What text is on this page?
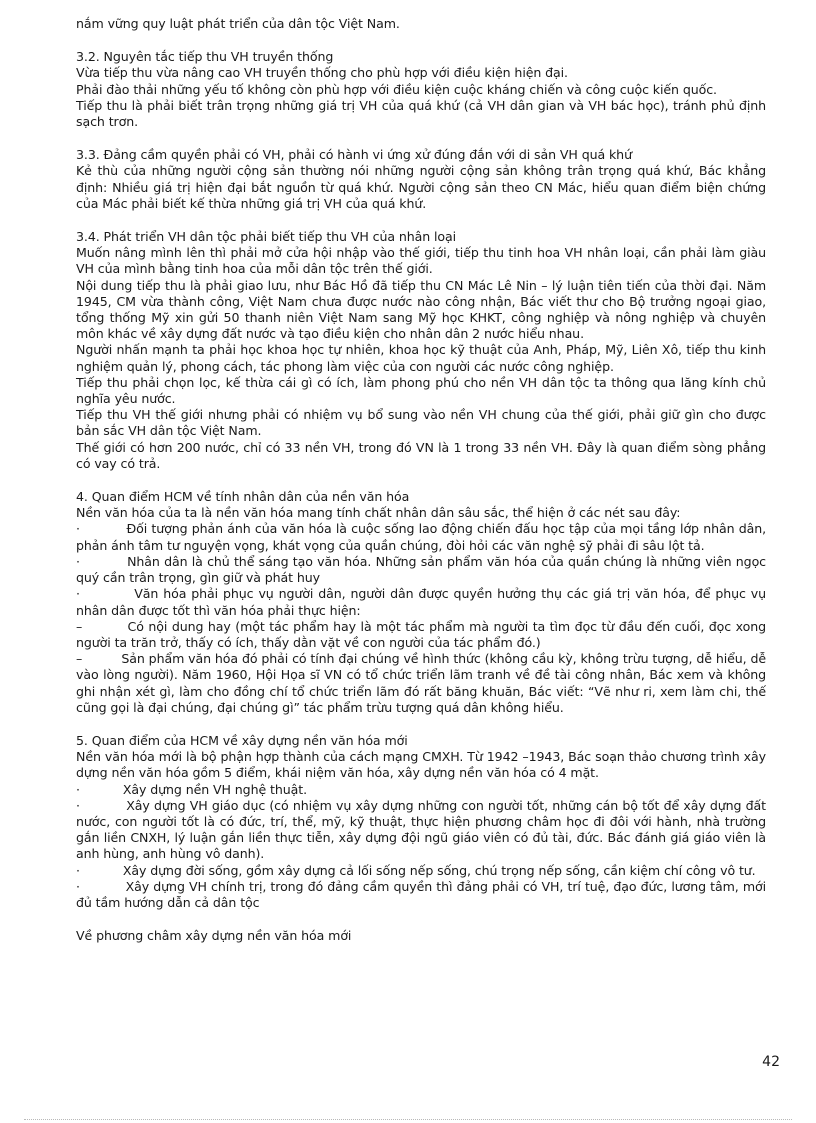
nắm vững quy luật phát triển của dân tộc Việt Nam.

3.2. Nguyên tắc tiếp thu VH truyền thống

Vừa tiếp thu vừa nâng cao VH truyền thống cho phù hợp với điều kiện hiện đại.

Phải đào thải những yếu tố không còn phù hợp với điều kiện cuộc kháng chiến và công cuộc kiến quốc.

Tiếp thu là phải biết trân trọng những giá trị VH của quá khứ (cả VH dân gian và VH bác học), tránh phủ định sạch trơn.

3.3. Đảng cầm quyền phải có VH, phải có hành vi ứng xử đúng đắn với di sản VH quá khứ

Kẻ thù của những người cộng sản thường nói những người cộng sản không trân trọng quá khứ, Bác khẳng định: Nhiều giá trị hiện đại bắt nguồn từ quá khứ. Người cộng sản theo CN Mác, hiểu quan điểm biện chứng của Mác phải biết kế thừa những giá trị VH của quá khứ.

3.4. Phát triển VH dân tộc phải biết tiếp thu VH của nhân loại

Muốn nâng mình lên thì phải mở cửa hội nhập vào thế giới, tiếp thu tinh hoa VH nhân loại, cần phải làm giàu VH của mình bằng tinh hoa của mỗi dân tộc trên thế giới.

Nội dung tiếp thu là phải giao lưu, như Bác Hồ đã tiếp thu CN Mác Lê Nin – lý luận tiên tiến của thời đại. Năm 1945, CM vừa thành công, Việt Nam chưa được nước nào công nhận, Bác viết thư cho Bộ trưởng ngoại giao, tổng thống Mỹ xin gửi 50 thanh niên Việt Nam sang Mỹ học KHKT, công nghiệp và nông nghiệp và chuyên môn khác về xây dựng đất nước và tạo điều kiện cho nhân dân 2 nước hiểu nhau.

Người nhấn mạnh ta phải học khoa học tự nhiên, khoa học kỹ thuật của Anh, Pháp, Mỹ, Liên Xô, tiếp thu kinh nghiệm quản lý, phong cách, tác phong làm việc của con người các nước công nghiệp.

Tiếp thu phải chọn lọc, kế thừa cái gì có ích, làm phong phú cho nền VH dân tộc ta thông qua lăng kính chủ nghĩa yêu nước.

Tiếp thu VH thế giới nhưng phải có nhiệm vụ bổ sung vào nền VH chung của thế giới, phải giữ gìn cho được bản sắc VH dân tộc Việt Nam.

Thế giới có hơn 200 nước, chỉ có 33 nền VH, trong đó VN là 1 trong 33 nền VH. Đây là quan điểm sòng phẳng có vay có trả.

4. Quan điểm HCM về tính nhân dân của nền văn hóa

Nền văn hóa của ta là nền văn hóa mang tính chất nhân dân sâu sắc, thể hiện ở các nét sau đây:

·           Đối tượng phản ánh của văn hóa là cuộc sống lao động chiến đấu học tập của mọi tầng lớp nhân dân, phản ánh tâm tư nguyện vọng, khát vọng của quần chúng, đòi hỏi các văn nghệ sỹ phải đi sâu lột tả.

·           Nhân dân là chủ thể sáng tạo văn hóa. Những sản phẩm văn hóa của quần chúng là những viên ngọc quý cần trân trọng, gìn giữ và phát huy

·           Văn hóa phải phục vụ người dân, người dân được quyền hưởng thụ các giá trị văn hóa, để phục vụ nhân dân được tốt thì văn hóa phải thực hiện:

–          Có nội dung hay (một tác phẩm hay là một tác phẩm mà người ta tìm đọc từ đầu đến cuối, đọc xong người ta trăn trở, thấy có ích, thấy dằn vặt về con người của tác phẩm đó.)

–          Sản phẩm văn hóa đó phải có tính đại chúng về hình thức (không cầu kỳ, không trừu tượng, dễ hiểu, dễ vào lòng người). Năm 1960, Hội Họa sĩ VN có tổ chức triển lãm tranh về đề tài công nhân, Bác xem và không ghi nhận xét gì, làm cho đồng chí tổ chức triển lãm đó rất băng khuăn, Bác viết: “Vẽ như ri, xem làm chi, thế cũng gọi là đại chúng, đại chúng gì” tác phẩm trừu tượng quá dân không hiểu.

5. Quan điểm của HCM về xây dựng nền văn hóa mới

Nền văn hóa mới là bộ phận hợp thành của cách mạng CMXH. Từ 1942 –1943, Bác soạn thảo chương trình xây dựng nền văn hóa gồm 5 điểm, khái niệm văn hóa, xây dựng nền văn hóa có 4 mặt.

·           Xây dựng nền VH nghệ thuật.

·           Xây dựng VH giáo dục (có nhiệm vụ xây dựng những con người tốt, những cán bộ tốt để xây dựng đất nước, con người tốt là có đức, trí, thể, mỹ, kỹ thuật, thực hiện phương châm học đi đôi với hành, nhà trường gắn liền CNXH, lý luận gắn liền thực tiễn, xây dựng đội ngũ giáo viên có đủ tài, đức. Bác đánh giá giáo viên là anh hùng, anh hùng vô danh).

·           Xây dựng đời sống, gồm xây dựng cả lối sống nếp sống, chú trọng nếp sống, cần kiệm chí công vô tư.

·           Xây dựng VH chính trị, trong đó đảng cầm quyền thì đảng phải có VH, trí tuệ, đạo đức, lương tâm, mới đủ tầm hướng dẫn cả dân tộc

Về phương châm xây dựng nền văn hóa mới

42
